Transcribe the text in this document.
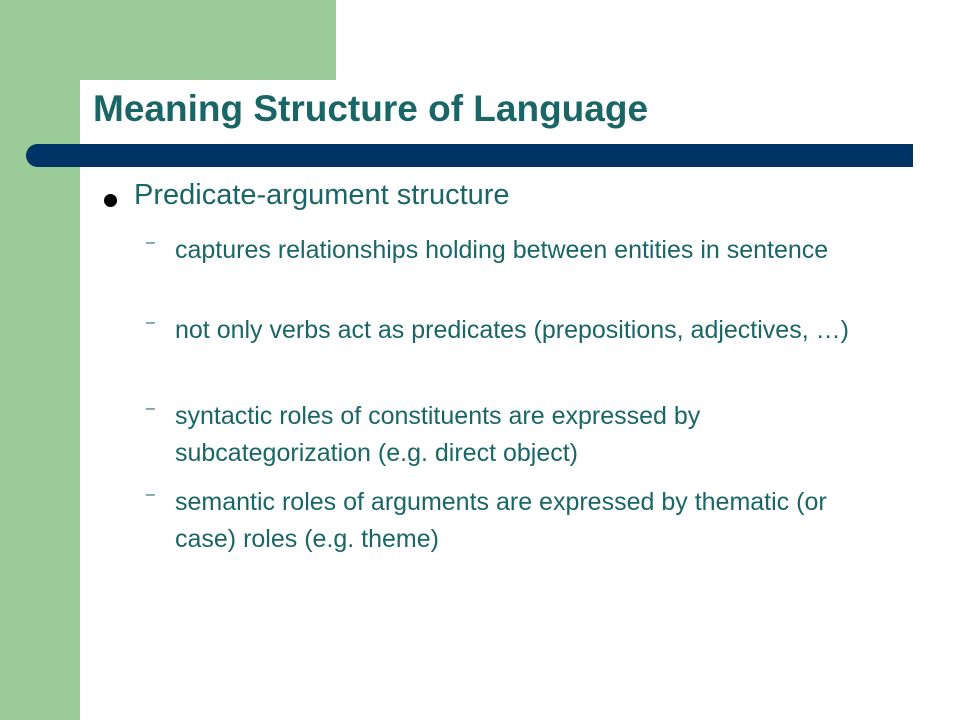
Meaning Structure of Language
Predicate-argument structure
– captures relationships holding between entities in sentence
– not only verbs act as predicates (prepositions, adjectives, …)
– syntactic roles of constituents are expressed by subcategorization (e.g. direct object)
– semantic roles of arguments are expressed by thematic (or case) roles (e.g. theme)
